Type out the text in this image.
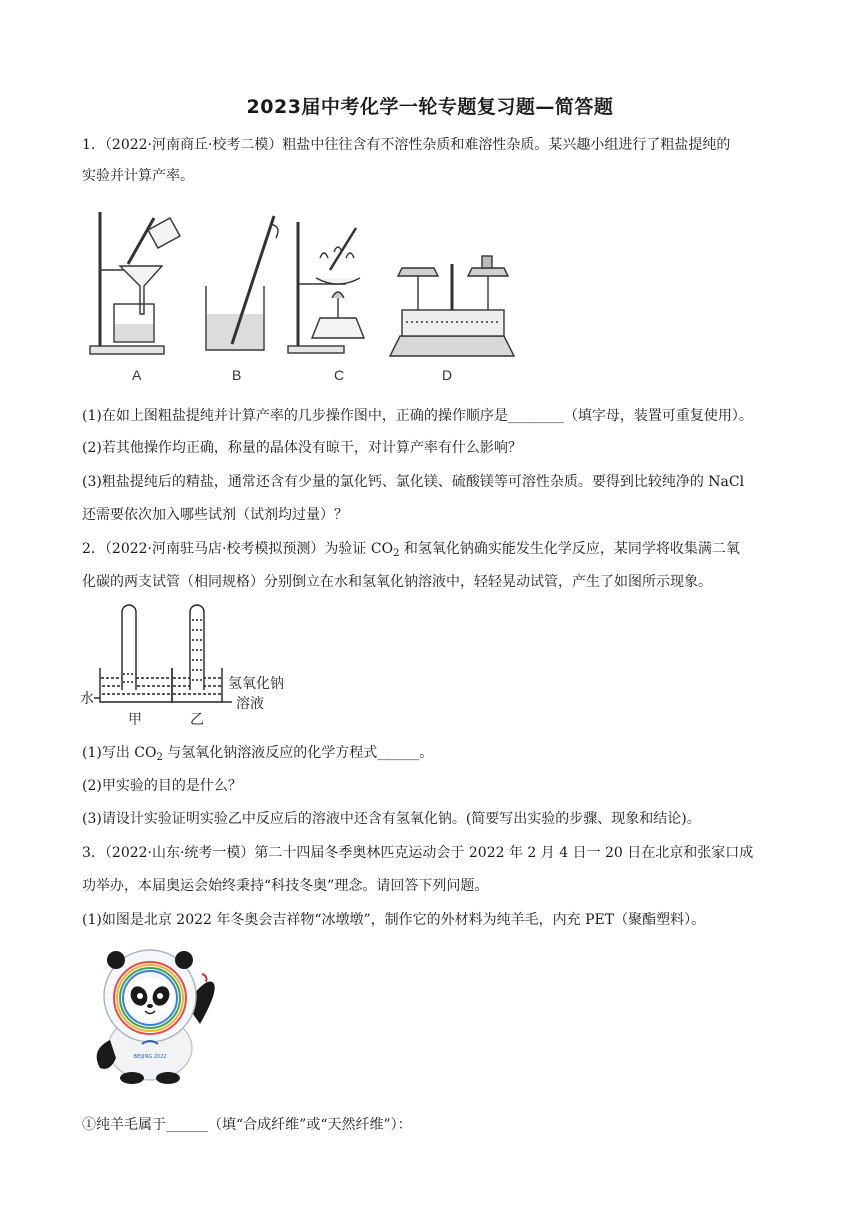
2023届中考化学一轮专题复习题—简答题
1．（2022·河南商丘·校考二模）粗盐中往往含有不溶性杂质和难溶性杂质。某兴趣小组进行了粗盐提纯的
实验并计算产率。
A	B	C	D
(1)在如上图粗盐提纯并计算产率的几步操作图中，正确的操作顺序是________（填字母，装置可重复使用）。
(2)若其他操作均正确，称量的晶体没有晾干，对计算产率有什么影响？
(3)粗盐提纯后的精盐，通常还含有少量的氯化钙、氯化镁、硫酸镁等可溶性杂质。要得到比较纯净的 NaCl
还需要依次加入哪些试剂（试剂均过量）？
2．（2022·河南驻马店·校考模拟预测）为验证 $CO_2$ 和氢氧化钠确实能发生化学反应，某同学将收集满二氧
化碳的两支试管（相同规格）分别倒立在水和氢氧化钠溶液中，轻轻晃动试管，产生了如图所示现象。
水
氢氧化钠
溶液
甲	乙
(1)写出 $CO_2$ 与氢氧化钠溶液反应的化学方程式______。
(2)甲实验的目的是什么？
(3)请设计实验证明实验乙中反应后的溶液中还含有氢氧化钠。(简要写出实验的步骤、现象和结论)。
3．（2022·山东·统考一模）第二十四届冬季奥林匹克运动会于 2022 年 2 月 4 日一 20 日在北京和张家口成
功举办，本届奥运会始终秉持“科技冬奥”理念。请回答下列问题。
(1)如图是北京 2022 年冬奥会吉祥物“冰墩墩”，制作它的外材料为纯羊毛，内充 PET（聚酯塑料）。
BEIJING 2022
①纯羊毛属于______（填“合成纤维”或“天然纤维”）：
